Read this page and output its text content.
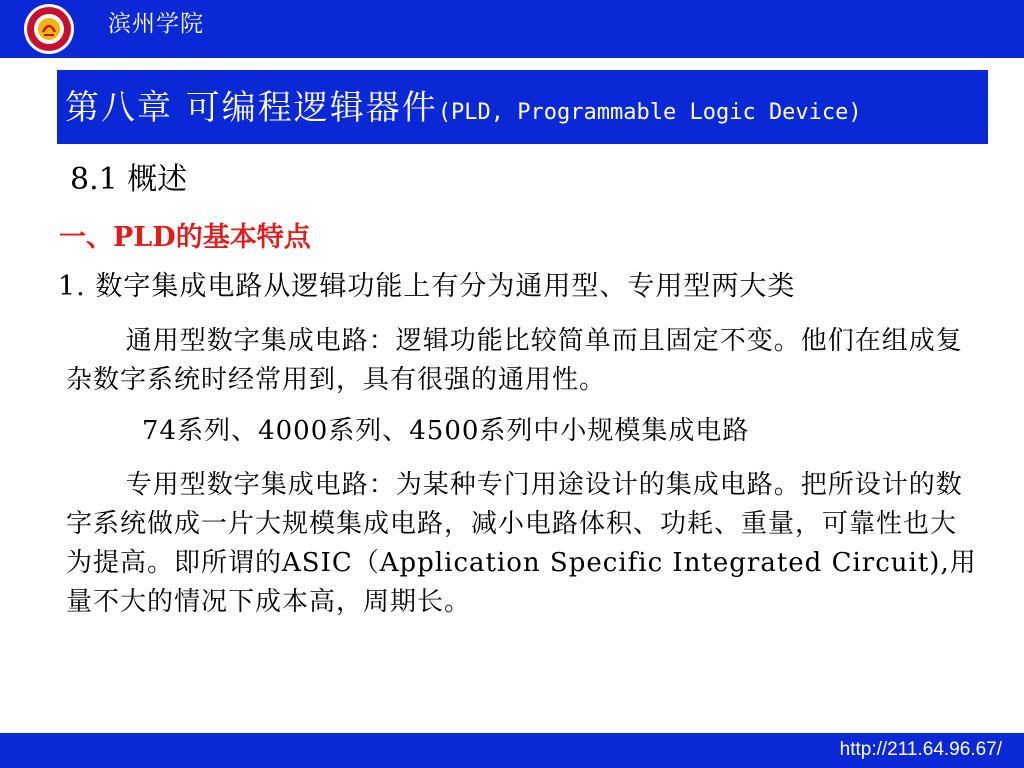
滨州学院
第八章 可编程逻辑器件(PLD, Programmable Logic Device)
8.1 概述
一、PLD的基本特点
1. 数字集成电路从逻辑功能上有分为通用型、专用型两大类
通用型数字集成电路：逻辑功能比较简单而且固定不变。他们在组成复杂数字系统时经常用到，具有很强的通用性。
74系列、4000系列、4500系列中小规模集成电路
专用型数字集成电路：为某种专门用途设计的集成电路。把所设计的数字系统做成一片大规模集成电路，减小电路体积、功耗、重量，可靠性也大为提高。即所谓的ASIC（Application Specific Integrated Circuit),用量不大的情况下成本高，周期长。
http://211.64.96.67/
